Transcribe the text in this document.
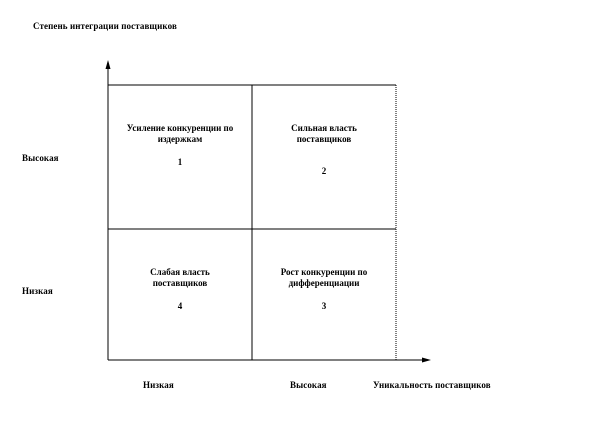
Степень интеграции поставщиков
Высокая
Низкая
Низкая	Высокая	Уникальность поставщиков
Усиление конкуренции по издержкам
1
Сильная власть поставщиков
2
Слабая власть поставщиков
4
Рост конкуренции по дифференциации
3
